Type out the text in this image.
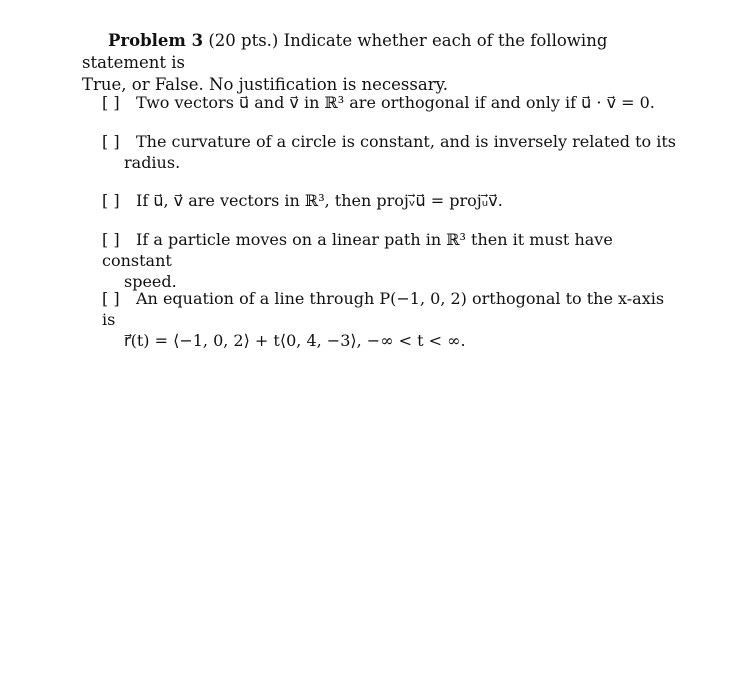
Problem 3 (20 pts.) Indicate whether each of the following statement is
True, or False. No justification is necessary.
[ ] Two vectors u⃗ and v⃗ in ℝ³ are orthogonal if and only if u⃗ · v⃗ = 0.
[ ] The curvature of a circle is constant, and is inversely related to its
radius.
[ ] If u⃗, v⃗ are vectors in ℝ³, then projᵥ⃗u⃗ = projᵤ⃗v⃗.
[ ] If a particle moves on a linear path in ℝ³ then it must have constant
speed.
[ ] An equation of a line through P(−1, 0, 2) orthogonal to the x-axis is
r⃗(t) = ⟨−1, 0, 2⟩ + t⟨0, 4, −3⟩, −∞ < t < ∞.
